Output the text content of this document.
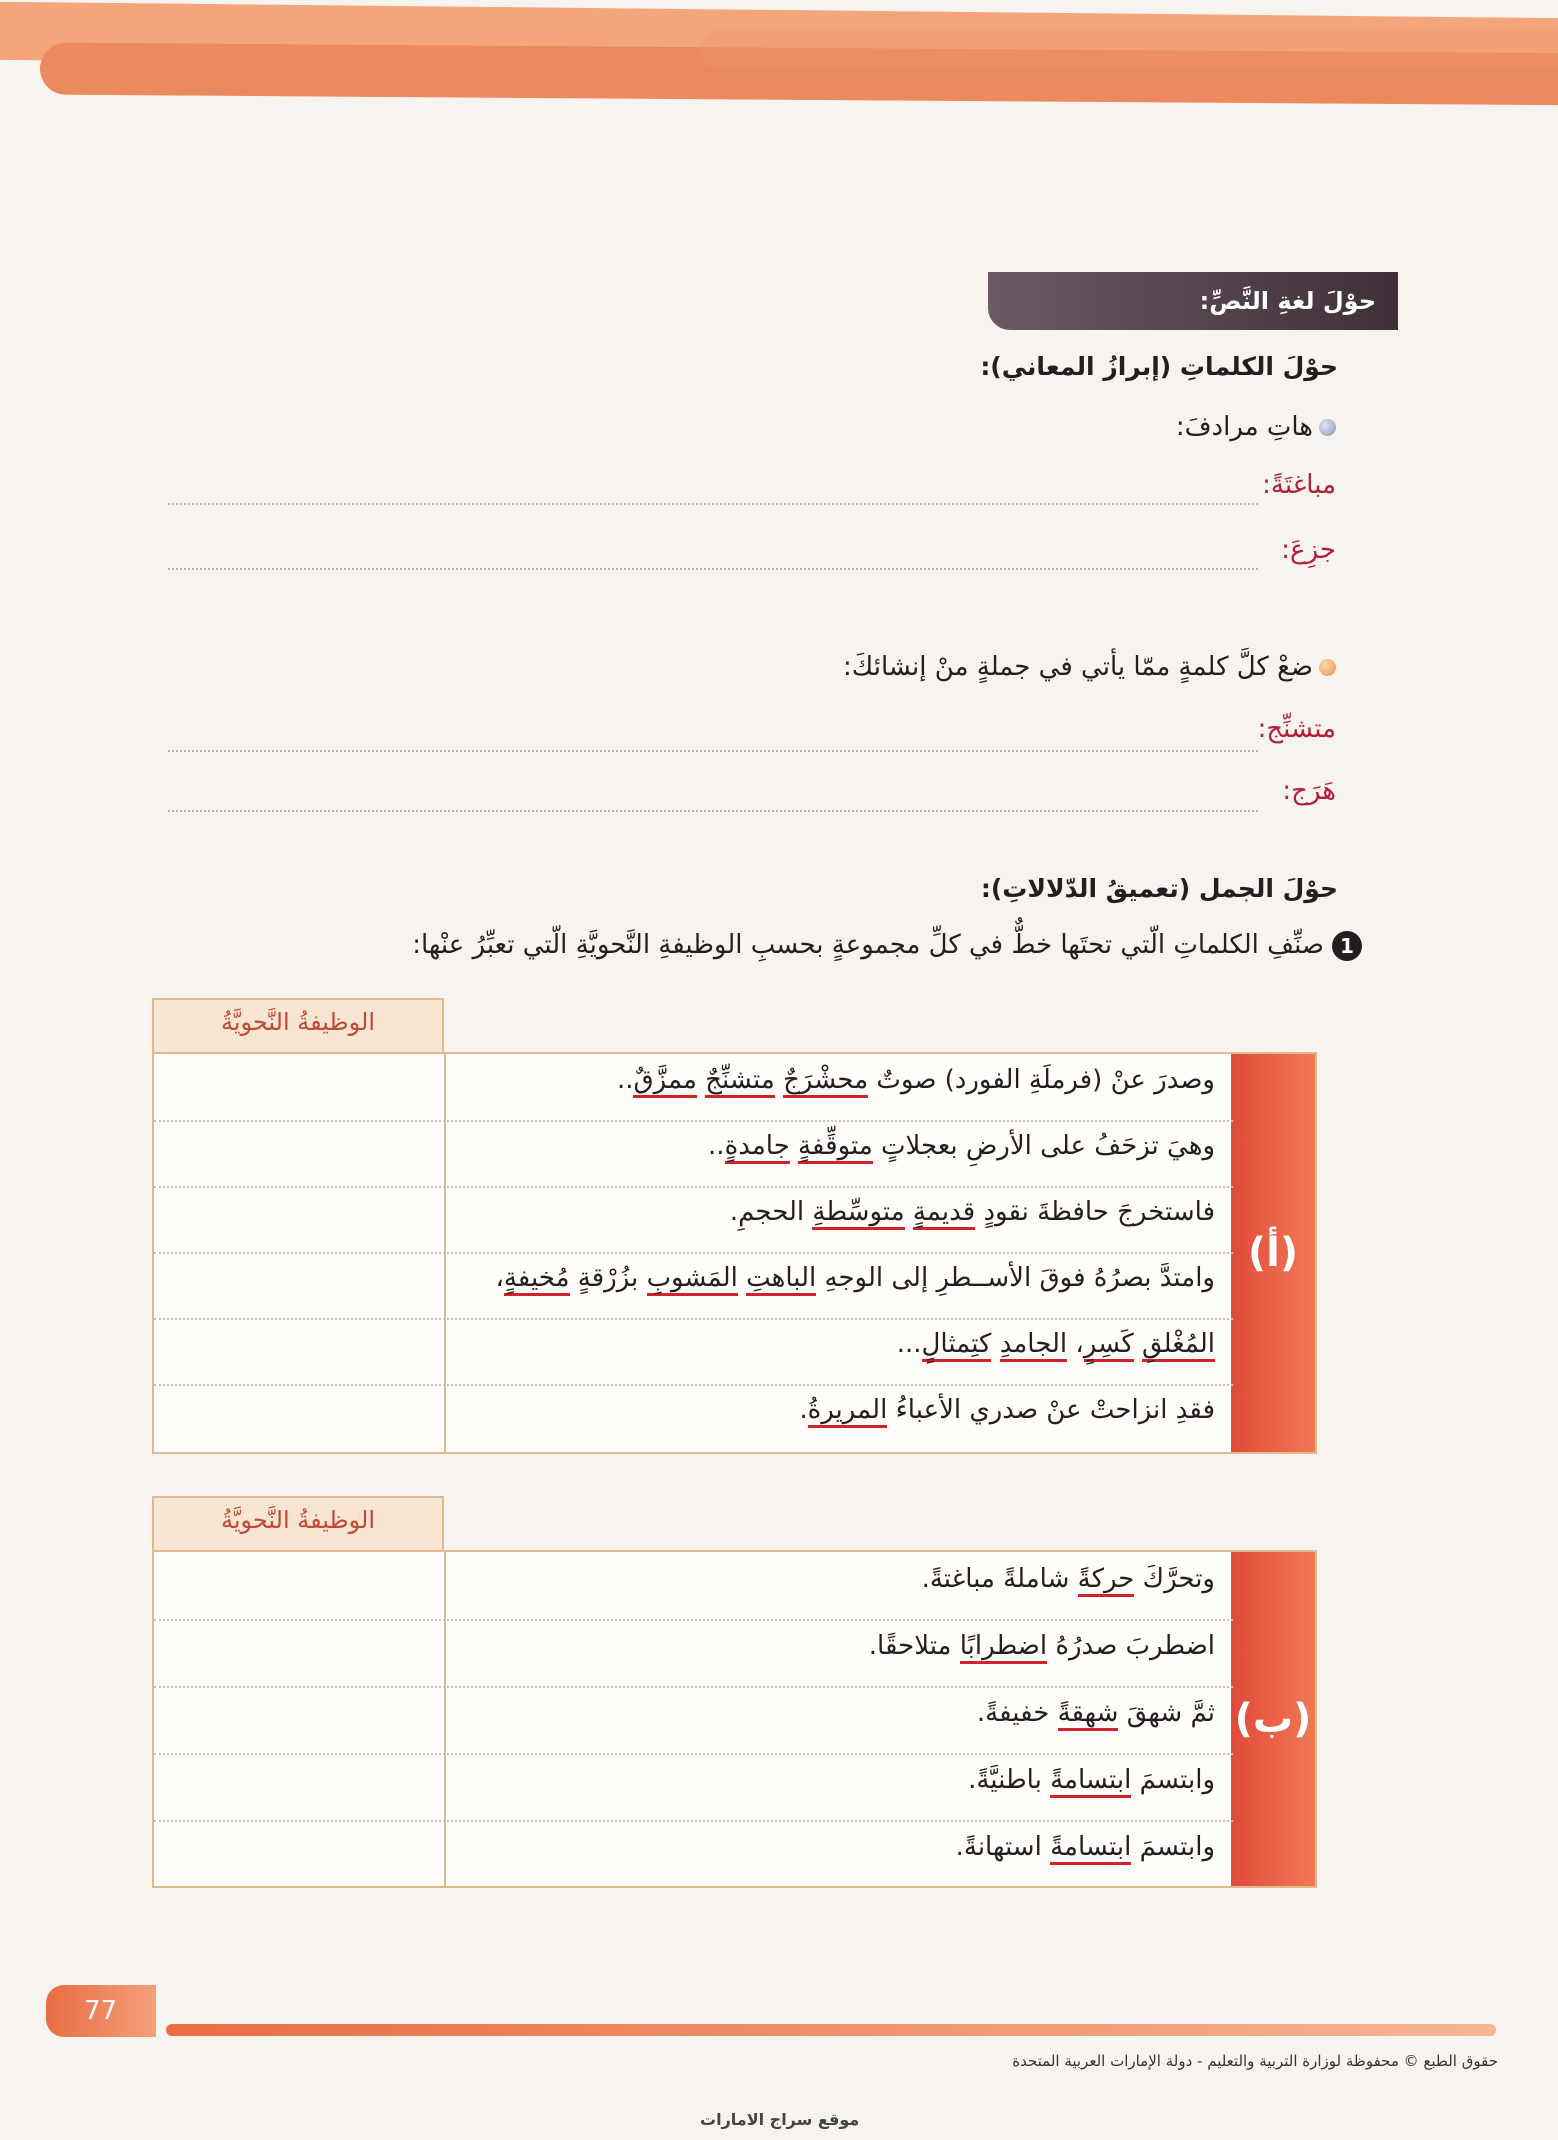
حوْلَ لغةِ النَّصِّ:
حوْلَ الكلماتِ (إبرازُ المعاني):
هاتِ مرادفَ:
مباغتَةً:
جزِعَ:
ضعْ كلَّ كلمةٍ ممّا يأتي في جملةٍ منْ إنشائكَ:
متشنِّج:
هَرَج:
حوْلَ الجمل (تعميقُ الدّلالاتِ):
1صنِّفِ الكلماتِ الّتي تحتَها خطٌّ في كلِّ مجموعةٍ بحسبِ الوظيفةِ النَّحويَّةِ الّتي تعبِّرُ عنْها:
الوظيفةُ النَّحويَّةُ
(أ)
وصدرَ عنْ (فرملَةِ الفورد) صوتٌ محشْرَجٌ متشنِّجٌ ممزَّقٌ..
وهيَ تزحَفُ على الأرضِ بعجلاتٍ متوقِّفةٍ جامدةٍ..
فاستخرجَ حافظةَ نقودٍ قديمةٍ متوسِّطةِ الحجمِ.
وامتدَّ بصرُهُ فوقَ الأســطرِ إلى الوجهِ الباهتِ المَشوبِ بزُرْقةٍ مُخيفةٍ،
المُغْلقِ كَسِرٍ، الجامدِ كتِمثالٍ...
فقدِ انزاحتْ عنْ صدري الأعباءُ المريرةُ.
الوظيفةُ النَّحويَّةُ
(ب)
وتحرَّكَ حركةً شاملةً مباغتةً.
اضطربَ صدرُهُ اضطرابًا متلاحقًا.
ثمَّ شهقَ شهقةً خفيفةً.
وابتسمَ ابتسامةً باطنيَّةً.
وابتسمَ ابتسامةً استهانةً.
77
حقوق الطبع © محفوظة لوزارة التربية والتعليم - دولة الإمارات العربية المتحدة
موقع سراج الامارات
